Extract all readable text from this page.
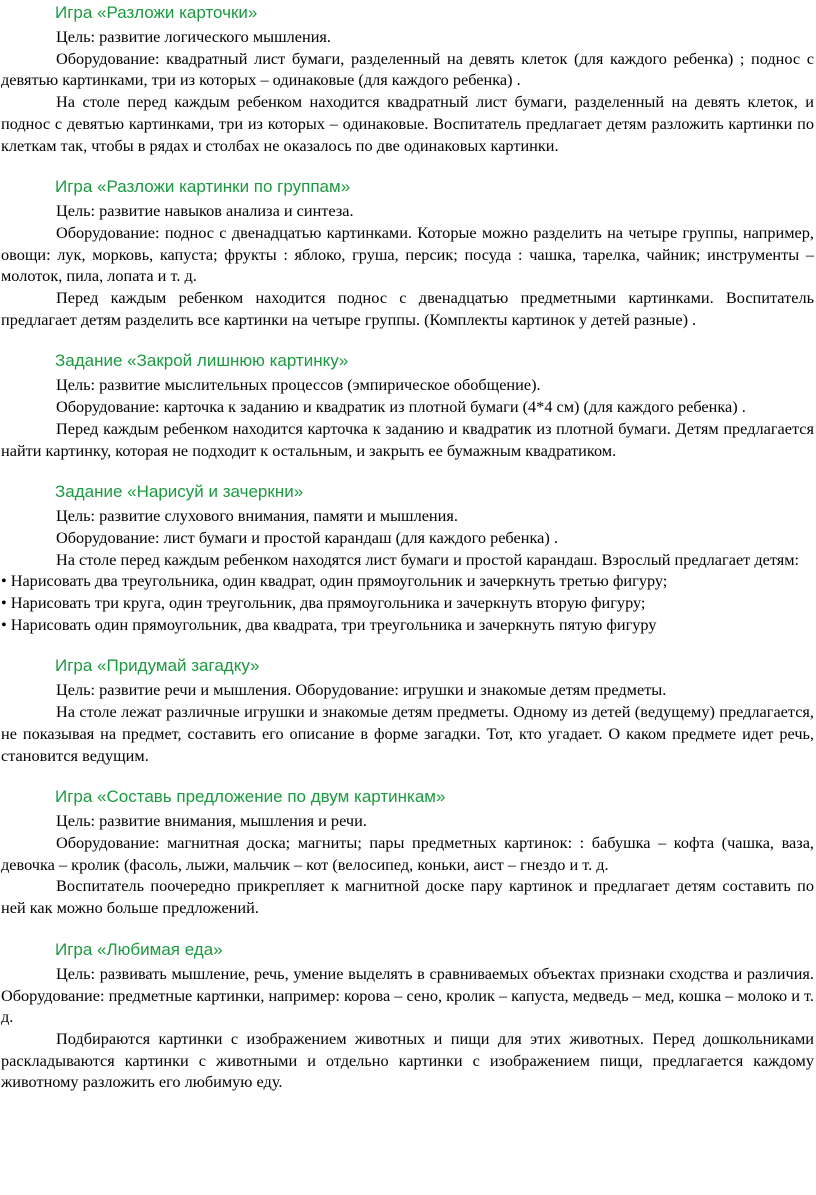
Игра «Разложи карточки»

Цель: развитие логического мышления.

Оборудование: квадратный лист бумаги, разделенный на девять клеток (для каждого ребенка) ; поднос с девятью картинками, три из которых – одинаковые (для каждого ребенка) .

На столе перед каждым ребенком находится квадратный лист бумаги, разделенный на девять клеток, и поднос с девятью картинками, три из которых – одинаковые. Воспитатель предлагает детям разложить картинки по клеткам так, чтобы в рядах и столбах не оказалось по две одинаковых картинки.

Игра «Разложи картинки по группам»

Цель: развитие навыков анализа и синтеза.

Оборудование: поднос с двенадцатью картинками. Которые можно разделить на четыре группы, например, овощи: лук, морковь, капуста; фрукты : яблоко, груша, персик; посуда : чашка, тарелка, чайник; инструменты – молоток, пила, лопата и т. д.

Перед каждым ребенком находится поднос с двенадцатью предметными картинками. Воспитатель предлагает детям разделить все картинки на четыре группы. (Комплекты картинок у детей разные) .

Задание «Закрой лишнюю картинку»

Цель: развитие мыслительных процессов (эмпирическое обобщение).

Оборудование: карточка к заданию и квадратик из плотной бумаги (4*4 см) (для каждого ребенка) .

Перед каждым ребенком находится карточка к заданию и квадратик из плотной бумаги. Детям предлагается найти картинку, которая не подходит к остальным, и закрыть ее бумажным квадратиком.

Задание «Нарисуй и зачеркни»

Цель: развитие слухового внимания, памяти и мышления.

Оборудование: лист бумаги и простой карандаш (для каждого ребенка) .

На столе перед каждым ребенком находятся лист бумаги и простой карандаш. Взрослый предлагает детям:

• Нарисовать два треугольника, один квадрат, один прямоугольник и зачеркнуть третью фигуру;

• Нарисовать три круга, один треугольник, два прямоугольника и зачеркнуть вторую фигуру;

• Нарисовать один прямоугольник, два квадрата, три треугольника и зачеркнуть пятую фигуру

Игра «Придумай загадку»

Цель: развитие речи и мышления. Оборудование: игрушки и знакомые детям предметы.

На столе лежат различные игрушки и знакомые детям предметы. Одному из детей (ведущему) предлагается, не показывая на предмет, составить его описание в форме загадки. Тот, кто угадает. О каком предмете идет речь, становится ведущим.

Игра «Составь предложение по двум картинкам»

Цель: развитие внимания, мышления и речи.

Оборудование: магнитная доска; магниты; пары предметных картинок: : бабушка – кофта (чашка, ваза, девочка – кролик (фасоль, лыжи, мальчик – кот (велосипед, коньки, аист – гнездо и т. д.

Воспитатель поочередно прикрепляет к магнитной доске пару картинок и предлагает детям составить по ней как можно больше предложений.

Игра «Любимая еда»

Цель: развивать мышление, речь, умение выделять в сравниваемых объектах признаки сходства и различия. Оборудование: предметные картинки, например: корова – сено, кролик – капуста, медведь – мед, кошка – молоко и т. д.

Подбираются картинки с изображением животных и пищи для этих животных. Перед дошкольниками раскладываются картинки с животными и отдельно картинки с изображением пищи, предлагается каждому животному разложить его любимую еду.
